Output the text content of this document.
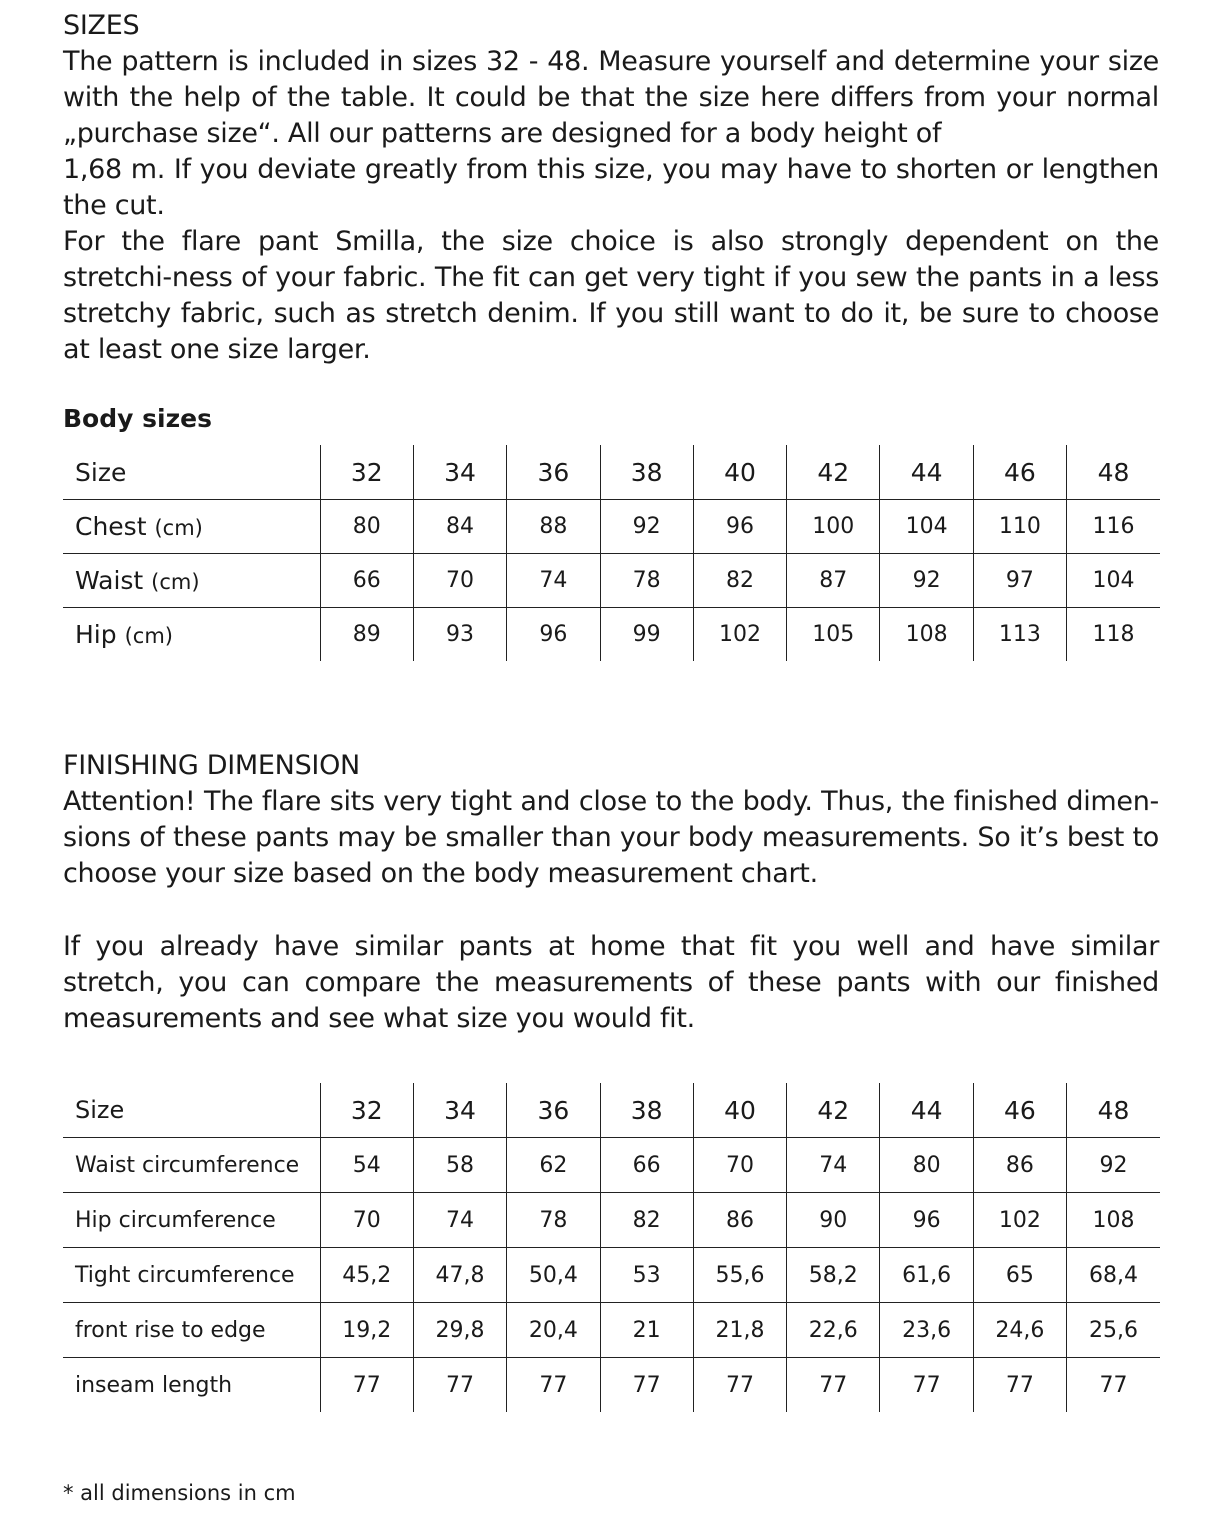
SIZES

The pattern is included in sizes 32 - 48. Measure yourself and determine your size with the help of the table. It could be that the size here differs from your normal „purchase size“. All our patterns are designed for a body height of

1,68 m. If you deviate greatly from this size, you may have to shorten or lengthen the cut.

For the flare pant Smilla, the size choice is also strongly dependent on the stretchi-ness of your fabric. The fit can get very tight if you sew the pants in a less stretchy fabric, such as stretch denim. If you still want to do it, be sure to choose at least one size larger.

Body sizes

Size	32	34	36	38	40	42	44	46	48
Chest (cm)	80	84	88	92	96	100	104	110	116
Waist (cm)	66	70	74	78	82	87	92	97	104
Hip (cm)	89	93	96	99	102	105	108	113	118
FINISHING DIMENSION

Attention! The flare sits very tight and close to the body. Thus, the finished dimen-sions of these pants may be smaller than your body measurements. So it’s best to choose your size based on the body measurement chart.

If you already have similar pants at home that fit you well and have similar stretch, you can compare the measurements of these pants with our finished measurements and see what size you would fit.

Size	32	34	36	38	40	42	44	46	48
Waist circumference	54	58	62	66	70	74	80	86	92
Hip circumference	70	74	78	82	86	90	96	102	108
Tight circumference	45,2	47,8	50,4	53	55,6	58,2	61,6	65	68,4
front rise to edge	19,2	29,8	20,4	21	21,8	22,6	23,6	24,6	25,6
inseam length	77	77	77	77	77	77	77	77	77

* all dimensions in cm
